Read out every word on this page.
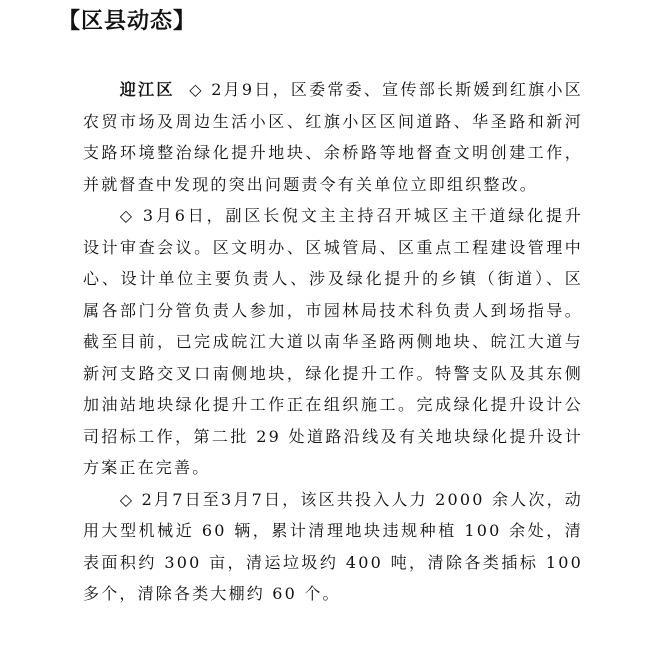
【区县动态】

迎江区 ◇ 2月9日，区委常委、宣传部长斯媛到红旗小区农贸市场及周边生活小区、红旗小区区间道路、华圣路和新河支路环境整治绿化提升地块、余桥路等地督查文明创建工作，并就督查中发现的突出问题责令有关单位立即组织整改。

◇ 3月6日，副区长倪文主主持召开城区主干道绿化提升设计审查会议。区文明办、区城管局、区重点工程建设管理中心、设计单位主要负责人、涉及绿化提升的乡镇（街道）、区属各部门分管负责人参加，市园林局技术科负责人到场指导。截至目前，已完成皖江大道以南华圣路两侧地块、皖江大道与新河支路交叉口南侧地块，绿化提升工作。特警支队及其东侧加油站地块绿化提升工作正在组织施工。完成绿化提升设计公司招标工作，第二批 29 处道路沿线及有关地块绿化提升设计方案正在完善。

◇ 2月7日至3月7日，该区共投入人力 2000 余人次，动用大型机械近 60 辆，累计清理地块违规种植 100 余处，清表面积约 300 亩，清运垃圾约 400 吨，清除各类插标 100 多个，清除各类大棚约 60 个。
